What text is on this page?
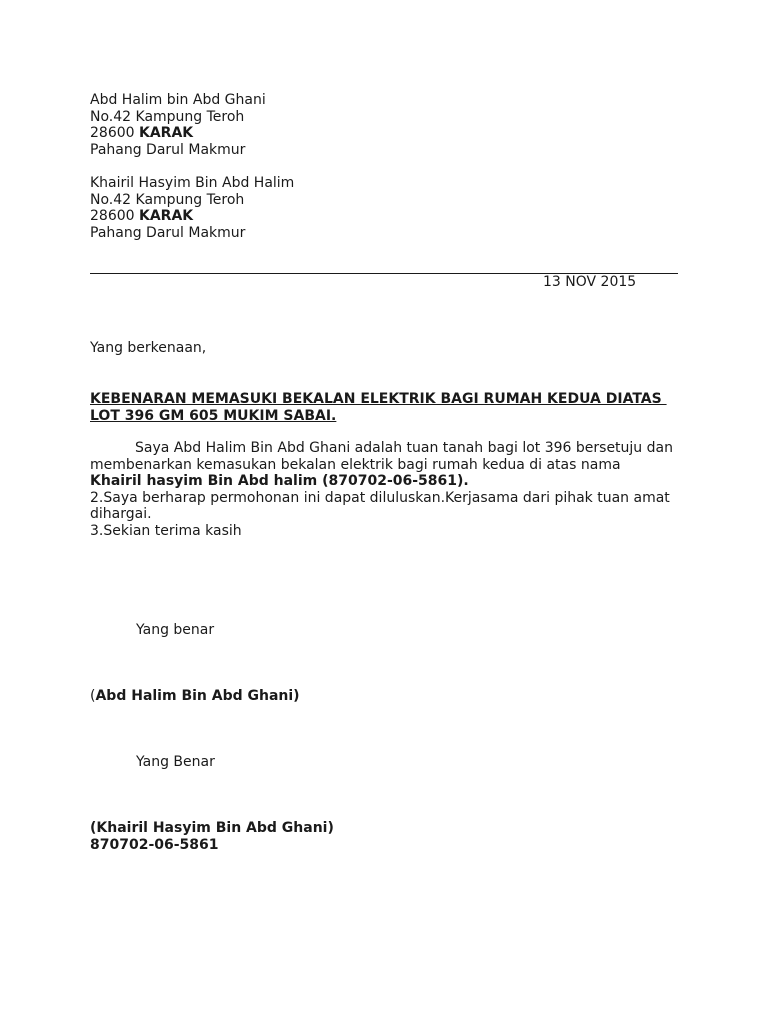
Abd Halim bin Abd Ghani
No.42 Kampung Teroh
28600 KARAK
Pahang Darul Makmur
Khairil Hasyim Bin Abd Halim
No.42 Kampung Teroh
28600 KARAK
Pahang Darul Makmur
13 NOV 2015
Yang berkenaan,
KEBENARAN MEMASUKI BEKALAN ELEKTRIK BAGI RUMAH KEDUA DIATAS
LOT 396 GM 605 MUKIM SABAI.
Saya Abd Halim Bin Abd Ghani adalah tuan tanah bagi lot 396 bersetuju dan membenarkan kemasukan bekalan elektrik bagi rumah kedua di atas nama Khairil hasyim Bin Abd halim (870702-06-5861).
2.Saya berharap permohonan ini dapat diluluskan.Kerjasama dari pihak tuan amat dihargai.
3.Sekian terima kasih
Yang benar
(Abd Halim Bin Abd Ghani)
Yang Benar
(Khairil Hasyim Bin Abd Ghani)
870702-06-5861
